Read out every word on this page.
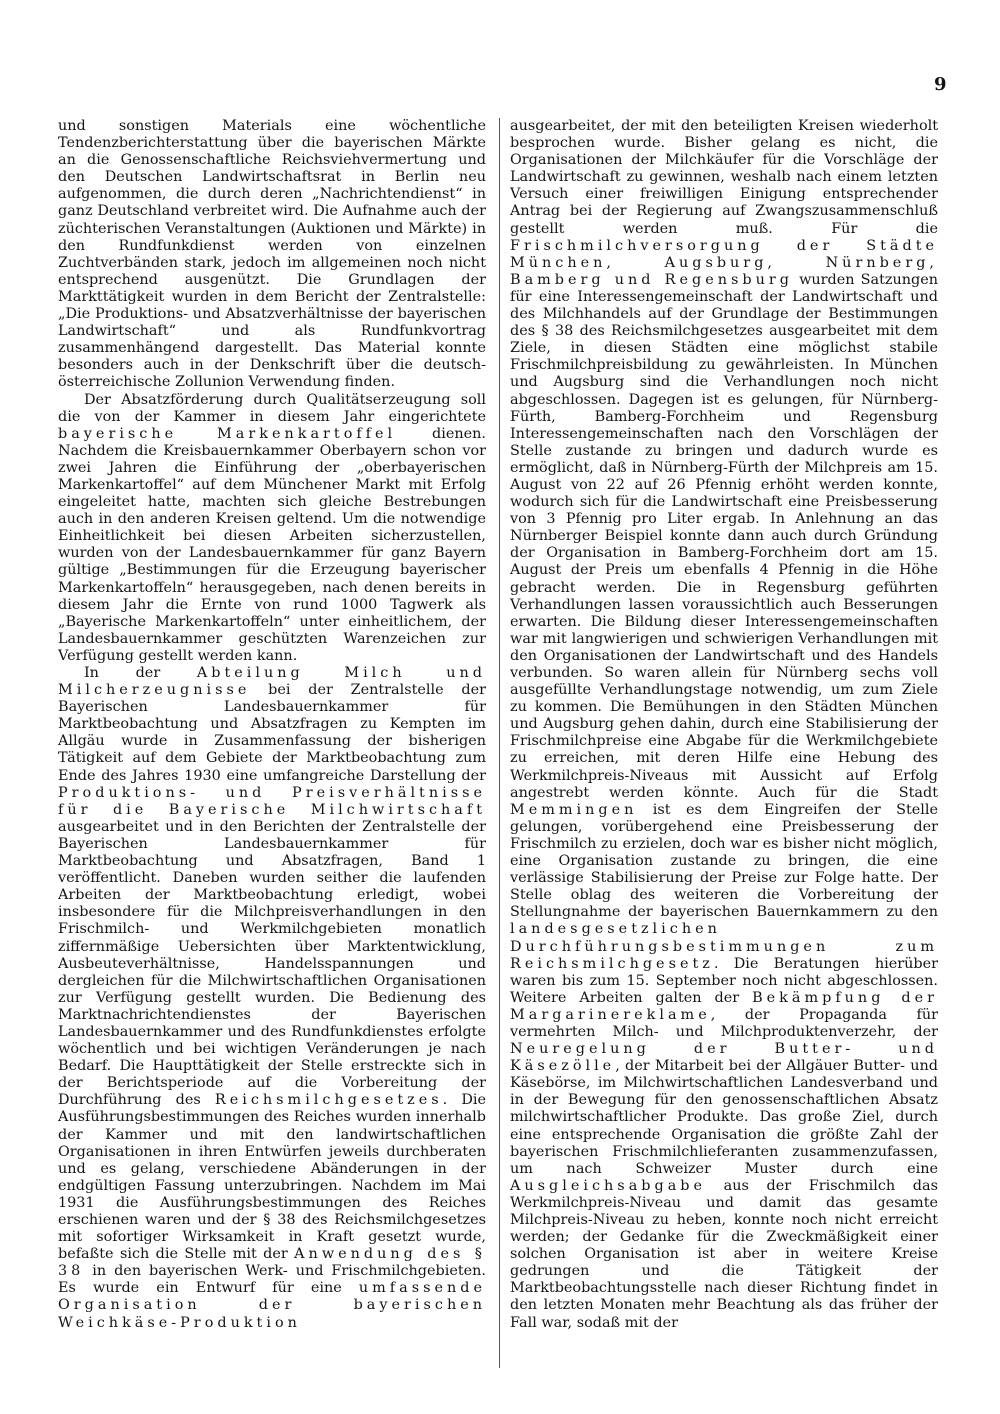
9

und sonstigen Materials eine wöchentliche Tendenzberichterstattung über die bayerischen Märkte an die Genossenschaftliche Reichsviehvermertung und den Deutschen Landwirtschaftsrat in Berlin neu aufgenommen, die durch deren „Nachrichtendienst“ in ganz Deutschland verbreitet wird. Die Aufnahme auch der züchterischen Veranstaltungen (Auktionen und Märkte) in den Rundfunkdienst werden von einzelnen Zuchtverbänden stark, jedoch im allgemeinen noch nicht entsprechend ausgenützt. Die Grundlagen der Markttätigkeit wurden in dem Bericht der Zentralstelle: „Die Produktions- und Absatzverhältnisse der bayerischen Landwirtschaft“ und als Rundfunkvortrag zusammenhängend dargestellt. Das Material konnte besonders auch in der Denkschrift über die deutsch-österreichische Zollunion Verwendung finden.

Der Absatzförderung durch Qualitätserzeugung soll die von der Kammer in diesem Jahr eingerichtete bayerische Markenkartoffel dienen. Nachdem die Kreisbauernkammer Oberbayern schon vor zwei Jahren die Einführung der „oberbayerischen Markenkartoffel“ auf dem Münchener Markt mit Erfolg eingeleitet hatte, machten sich gleiche Bestrebungen auch in den anderen Kreisen geltend. Um die notwendige Einheitlichkeit bei diesen Arbeiten sicherzustellen, wurden von der Landesbauernkammer für ganz Bayern gültige „Bestimmungen für die Erzeugung bayerischer Markenkartoffeln“ herausgegeben, nach denen bereits in diesem Jahr die Ernte von rund 1000 Tagwerk als „Bayerische Markenkartoffeln“ unter einheitlichem, der Landesbauernkammer geschützten Warenzeichen zur Verfügung gestellt werden kann.

In der Abteilung Milch und Milcherzeugnisse bei der Zentralstelle der Bayerischen Landesbauernkammer für Marktbeobachtung und Absatzfragen zu Kempten im Allgäu wurde in Zusammenfassung der bisherigen Tätigkeit auf dem Gebiete der Marktbeobachtung zum Ende des Jahres 1930 eine umfangreiche Darstellung der Produktions- und Preisverhältnisse für die Bayerische Milchwirtschaft ausgearbeitet und in den Berichten der Zentralstelle der Bayerischen Landesbauernkammer für Marktbeobachtung und Absatzfragen, Band 1 veröffentlicht. Daneben wurden seither die laufenden Arbeiten der Marktbeobachtung erledigt, wobei insbesondere für die Milchpreisverhandlungen in den Frischmilch- und Werkmilchgebieten monatlich ziffernmäßige Uebersichten über Marktentwicklung, Ausbeuteverhältnisse, Handelsspannungen und dergleichen für die Milchwirtschaftlichen Organisationen zur Verfügung gestellt wurden. Die Bedienung des Marktnachrichtendienstes der Bayerischen Landesbauernkammer und des Rundfunkdienstes erfolgte wöchentlich und bei wichtigen Veränderungen je nach Bedarf. Die Haupttätigkeit der Stelle erstreckte sich in der Berichtsperiode auf die Vorbereitung der Durchführung des Reichsmilchgesetzes. Die Ausführungsbestimmungen des Reiches wurden innerhalb der Kammer und mit den landwirtschaftlichen Organisationen in ihren Entwürfen jeweils durchberaten und es gelang, verschiedene Abänderungen in der endgültigen Fassung unterzubringen. Nachdem im Mai 1931 die Ausführungsbestimmungen des Reiches erschienen waren und der § 38 des Reichsmilchgesetzes mit sofortiger Wirksamkeit in Kraft gesetzt wurde, befaßte sich die Stelle mit der Anwendung des § 38 in den bayerischen Werk- und Frischmilchgebieten. Es wurde ein Entwurf für eine umfassende Organisation der bayerischen Weichkäse-Produktion

ausgearbeitet, der mit den beteiligten Kreisen wiederholt besprochen wurde. Bisher gelang es nicht, die Organisationen der Milchkäufer für die Vorschläge der Landwirtschaft zu gewinnen, weshalb nach einem letzten Versuch einer freiwilligen Einigung entsprechender Antrag bei der Regierung auf Zwangszusammenschluß gestellt werden muß. Für die Frischmilchversorgung der Städte München, Augsburg, Nürnberg, Bamberg und Regensburg wurden Satzungen für eine Interessengemeinschaft der Landwirtschaft und des Milchhandels auf der Grundlage der Bestimmungen des § 38 des Reichsmilchgesetzes ausgearbeitet mit dem Ziele, in diesen Städten eine möglichst stabile Frischmilchpreisbildung zu gewährleisten. In München und Augsburg sind die Verhandlungen noch nicht abgeschlossen. Dagegen ist es gelungen, für Nürnberg-Fürth, Bamberg-Forchheim und Regensburg Interessengemeinschaften nach den Vorschlägen der Stelle zustande zu bringen und dadurch wurde es ermöglicht, daß in Nürnberg-Fürth der Milchpreis am 15. August von 22 auf 26 Pfennig erhöht werden konnte, wodurch sich für die Landwirtschaft eine Preisbesserung von 3 Pfennig pro Liter ergab. In Anlehnung an das Nürnberger Beispiel konnte dann auch durch Gründung der Organisation in Bamberg-Forchheim dort am 15. August der Preis um ebenfalls 4 Pfennig in die Höhe gebracht werden. Die in Regensburg geführten Verhandlungen lassen voraussichtlich auch Besserungen erwarten. Die Bildung dieser Interessengemeinschaften war mit langwierigen und schwierigen Verhandlungen mit den Organisationen der Landwirtschaft und des Handels verbunden. So waren allein für Nürnberg sechs voll ausgefüllte Verhandlungstage notwendig, um zum Ziele zu kommen. Die Bemühungen in den Städten München und Augsburg gehen dahin, durch eine Stabilisierung der Frischmilchpreise eine Abgabe für die Werkmilchgebiete zu erreichen, mit deren Hilfe eine Hebung des Werkmilchpreis-Niveaus mit Aussicht auf Erfolg angestrebt werden könnte. Auch für die Stadt Memmingen ist es dem Eingreifen der Stelle gelungen, vorübergehend eine Preisbesserung der Frischmilch zu erzielen, doch war es bisher nicht möglich, eine Organisation zustande zu bringen, die eine verlässige Stabilisierung der Preise zur Folge hatte. Der Stelle oblag des weiteren die Vorbereitung der Stellungnahme der bayerischen Bauernkammern zu den landesgesetzlichen Durchführungsbestimmungen zum Reichsmilchgesetz. Die Beratungen hierüber waren bis zum 15. September noch nicht abgeschlossen. Weitere Arbeiten galten der Bekämpfung der Margarinereklame, der Propaganda für vermehrten Milch- und Milchproduktenverzehr, der Neuregelung der Butter- und Käsezölle, der Mitarbeit bei der Allgäuer Butter- und Käsebörse, im Milchwirtschaftlichen Landesverband und in der Bewegung für den genossenschaftlichen Absatz milchwirtschaftlicher Produkte. Das große Ziel, durch eine entsprechende Organisation die größte Zahl der bayerischen Frischmilchlieferanten zusammenzufassen, um nach Schweizer Muster durch eine Ausgleichsabgabe aus der Frischmilch das Werkmilchpreis-Niveau und damit das gesamte Milchpreis-Niveau zu heben, konnte noch nicht erreicht werden; der Gedanke für die Zweckmäßigkeit einer solchen Organisation ist aber in weitere Kreise gedrungen und die Tätigkeit der Marktbeobachtungsstelle nach dieser Richtung findet in den letzten Monaten mehr Beachtung als das früher der Fall war, sodaß mit der
